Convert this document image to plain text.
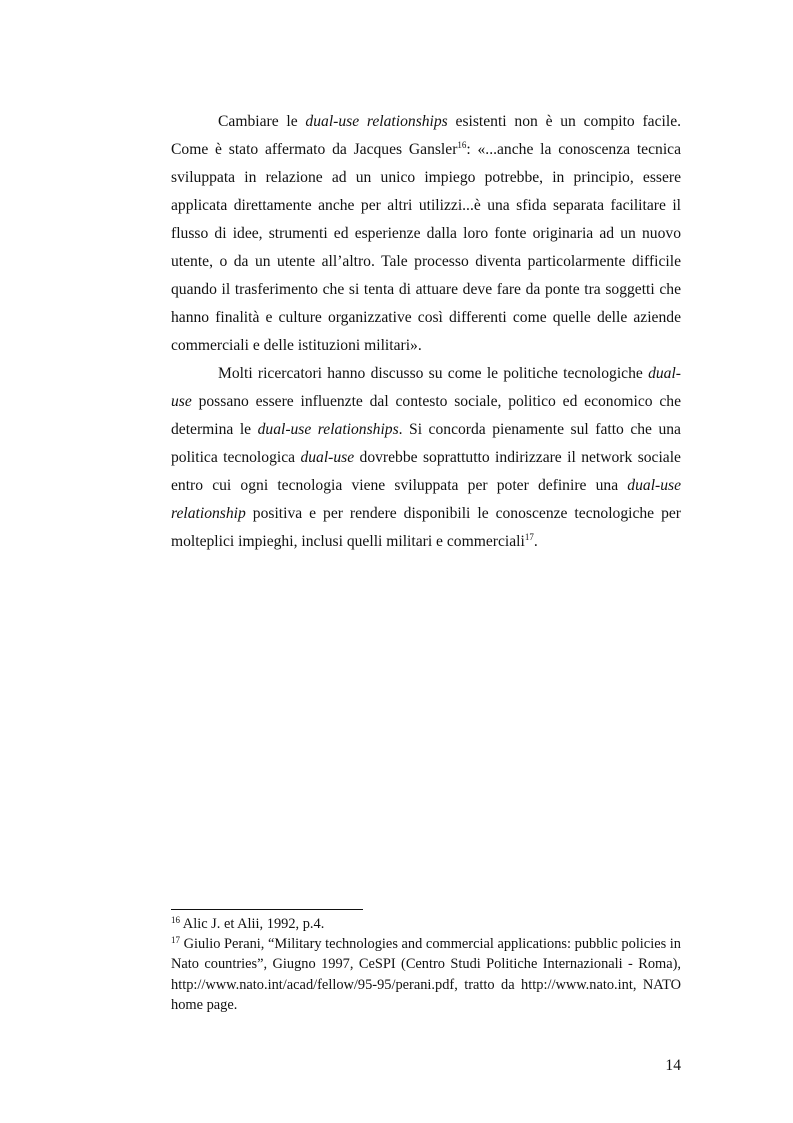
Cambiare le dual-use relationships esistenti non è un compito facile. Come è stato affermato da Jacques Gansler$^{16}$: «...anche la conoscenza tecnica sviluppata in relazione ad un unico impiego potrebbe, in principio, essere applicata direttamente anche per altri utilizzi...è una sfida separata facilitare il flusso di idee, strumenti ed esperienze dalla loro fonte originaria ad un nuovo utente, o da un utente all’altro. Tale processo diventa particolarmente difficile quando il trasferimento che si tenta di attuare deve fare da ponte tra soggetti che hanno finalità e culture organizzative così differenti come quelle delle aziende commerciali e delle istituzioni militari».

Molti ricercatori hanno discusso su come le politiche tecnologiche dual-use possano essere influenzte dal contesto sociale, politico ed economico che determina le dual-use relationships. Si concorda pienamente sul fatto che una politica tecnologica dual-use dovrebbe soprattutto indirizzare il network sociale entro cui ogni tecnologia viene sviluppata per poter definire una dual-use relationship positiva e per rendere disponibili le conoscenze tecnologiche per molteplici impieghi, inclusi quelli militari e commerciali$^{17}$.

$^{16}$ Alic J. et Alii, 1992, p.4.

$^{17}$ Giulio Perani, “Military technologies and commercial applications: pubblic policies in Nato countries”, Giugno 1997, CeSPI (Centro Studi Politiche Internazionali - Roma), http://www.nato.int/acad/fellow/95-95/perani.pdf, tratto da http://www.nato.int, NATO home page.

14
